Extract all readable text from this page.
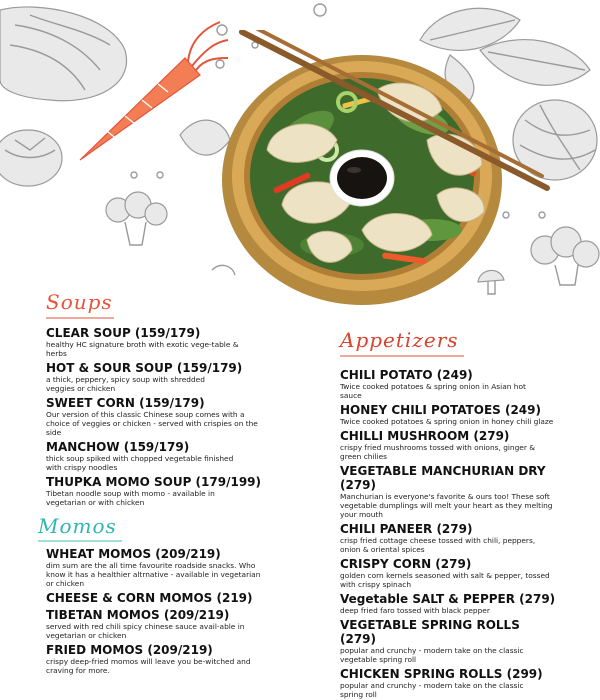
Soups
CLEAR SOUP (159/179)
healthy HC signature broth with exotic vege-table & herbs
HOT & SOUR SOUP (159/179)
a thick, peppery, spicy soup with shredded veggies or chicken
SWEET CORN (159/179)
Our version of this classic Chinese soup comes with a choice of veggies or chicken - served with crispies on the side
MANCHOW (159/179)
thick soup spiked with chopped vegetable finished with crispy noodles
THUPKA MOMO SOUP (179/199)
Tibetan noodle soup with momo - available in vegetarian or with chicken
Momos
WHEAT MOMOS (209/219)
dim sum are the all time favourite roadside snacks. Who know it has a healthier altrnative - available in vegetarian or chicken
CHEESE & CORN MOMOS (219)
TIBETAN MOMOS (209/219)
served with red chili spicy chinese sauce avail-able in vegetarian or chicken
FRIED MOMOS (209/219)
crispy deep-fried momos will leave you be-witched and craving for more.
Appetizers
CHILI POTATO (249)
Twice cooked potatoes & spring onion in Asian hot sauce
HONEY CHILI POTATOES (249)
Twice cooked potatoes & spring onion in honey chili glaze
CHILLI MUSHROOM (279)
crispy fried mushrooms tossed with onions, ginger & green chilies
VEGETABLE MANCHURIAN DRY (279)
Manchurian is everyone's favorite & ours too! These soft vegetable dumplings will melt your heart as they melting your mouth
CHILI PANEER (279)
crisp fried cottage cheese tossed with chili, peppers, onion & oriental spices
CRISPY CORN (279)
golden corn kernels seasoned with salt & pepper, tossed with crispy spinach
Vegetable SALT & PEPPER (279)
deep fried faro tossed with black pepper
VEGETABLE SPRING ROLLS (279)
popular and crunchy - modern take on the classic vegetable spring roll
CHICKEN SPRING ROLLS (299)
popular and crunchy - modern take on the classic spring roll
